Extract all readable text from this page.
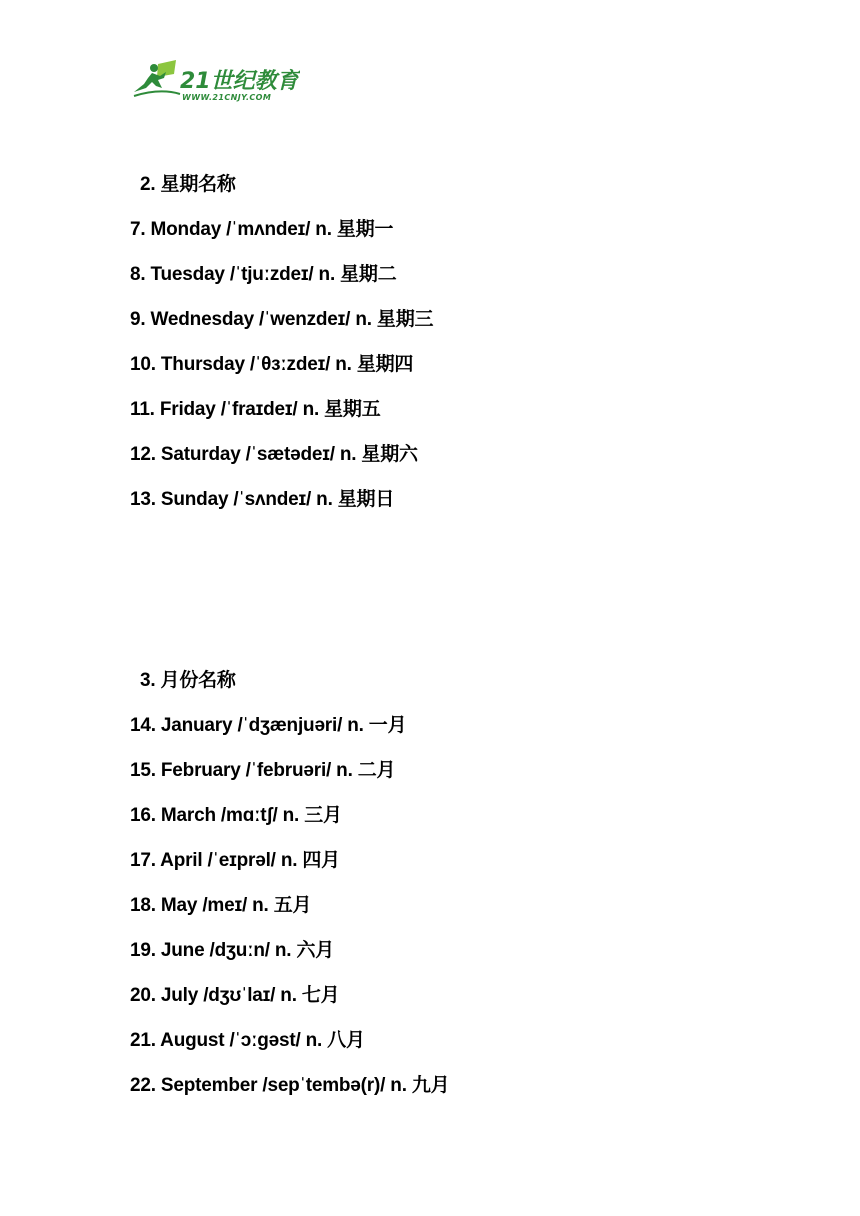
21世纪教育
WWW.21CNJY.COM
2. 星期名称
7. Monday /ˈmʌndeɪ/ n. 星期一
8. Tuesday /ˈtjuːzdeɪ/ n. 星期二
9. Wednesday /ˈwenzdeɪ/ n. 星期三
10. Thursday /ˈθɜːzdeɪ/ n. 星期四
11. Friday /ˈfraɪdeɪ/ n. 星期五
12. Saturday /ˈsætədeɪ/ n. 星期六
13. Sunday /ˈsʌndeɪ/ n. 星期日
3. 月份名称
14. January /ˈdʒænjuəri/ n. 一月
15. February /ˈfebruəri/ n. 二月
16. March /mɑːtʃ/ n. 三月
17. April /ˈeɪprəl/ n. 四月
18. May /meɪ/ n. 五月
19. June /dʒuːn/ n. 六月
20. July /dʒʊˈlaɪ/ n. 七月
21. August /ˈɔːgəst/ n. 八月
22. September /sepˈtembə(r)/ n. 九月
